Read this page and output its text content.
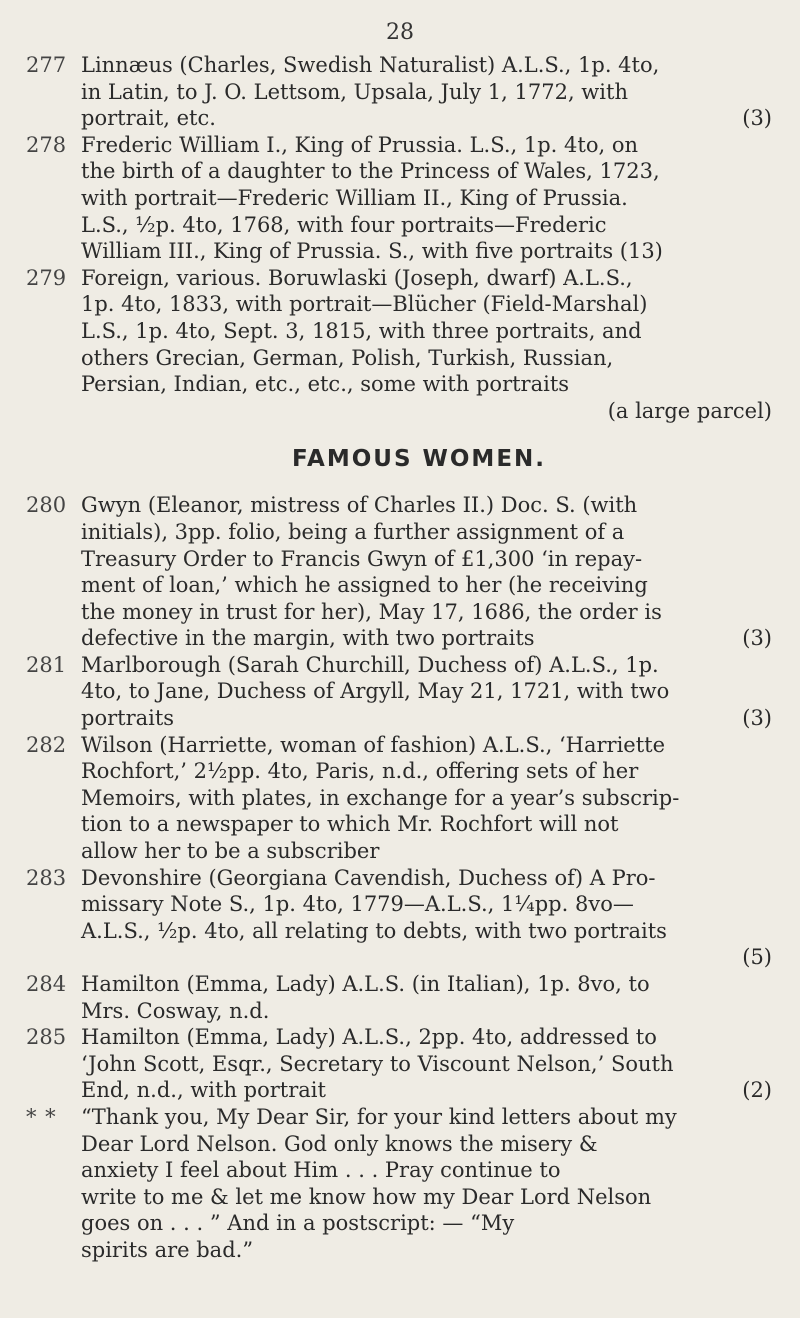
28
277 Linnæus (Charles, Swedish Naturalist) A.L.S., 1p. 4to,
in Latin, to J. O. Lettsom, Upsala, July 1, 1772, with
(3)
portrait, etc.
278 Frederic William I., King of Prussia. L.S., 1p. 4to, on
the birth of a daughter to the Princess of Wales, 1723,
with portrait—Frederic William II., King of Prussia.
L.S., ½p. 4to, 1768, with four portraits—Frederic
William III., King of Prussia. S., with five portraits (13)
279 Foreign, various. Boruwlaski (Joseph, dwarf) A.L.S.,
1p. 4to, 1833, with portrait—Blücher (Field-Marshal)
L.S., 1p. 4to, Sept. 3, 1815, with three portraits, and
others Grecian, German, Polish, Turkish, Russian,
Persian, Indian, etc., etc., some with portraits
(a large parcel)
FAMOUS WOMEN.
280 Gwyn (Eleanor, mistress of Charles II.) Doc. S. (with
initials), 3pp. folio, being a further assignment of a
Treasury Order to Francis Gwyn of £1,300 ‘in repay-
ment of loan,’ which he assigned to her (he receiving
the money in trust for her), May 17, 1686, the order is
(3)
defective in the margin, with two portraits
281 Marlborough (Sarah Churchill, Duchess of) A.L.S., 1p.
4to, to Jane, Duchess of Argyll, May 21, 1721, with two
(3)
portraits
282 Wilson (Harriette, woman of fashion) A.L.S., ‘Harriette
Rochfort,’ 2½pp. 4to, Paris, n.d., offering sets of her
Memoirs, with plates, in exchange for a year’s subscrip-
tion to a newspaper to which Mr. Rochfort will not
allow her to be a subscriber
283 Devonshire (Georgiana Cavendish, Duchess of) A Pro-
missary Note S., 1p. 4to, 1779—A.L.S., 1¼pp. 8vo—
A.L.S., ½p. 4to, all relating to debts, with two portraits
(5)
284 Hamilton (Emma, Lady) A.L.S. (in Italian), 1p. 8vo, to
Mrs. Cosway, n.d.
285 Hamilton (Emma, Lady) A.L.S., 2pp. 4to, addressed to
‘John Scott, Esqr., Secretary to Viscount Nelson,’ South
(2)
End, n.d., with portrait
* *	“Thank you, My Dear Sir, for your kind letters about my
Dear Lord Nelson. God only knows the misery &
anxiety I feel about Him . . . Pray continue to
write to me & let me know how my Dear Lord Nelson
goes on . . . ” And in a postscript: — “My
spirits are bad.”
